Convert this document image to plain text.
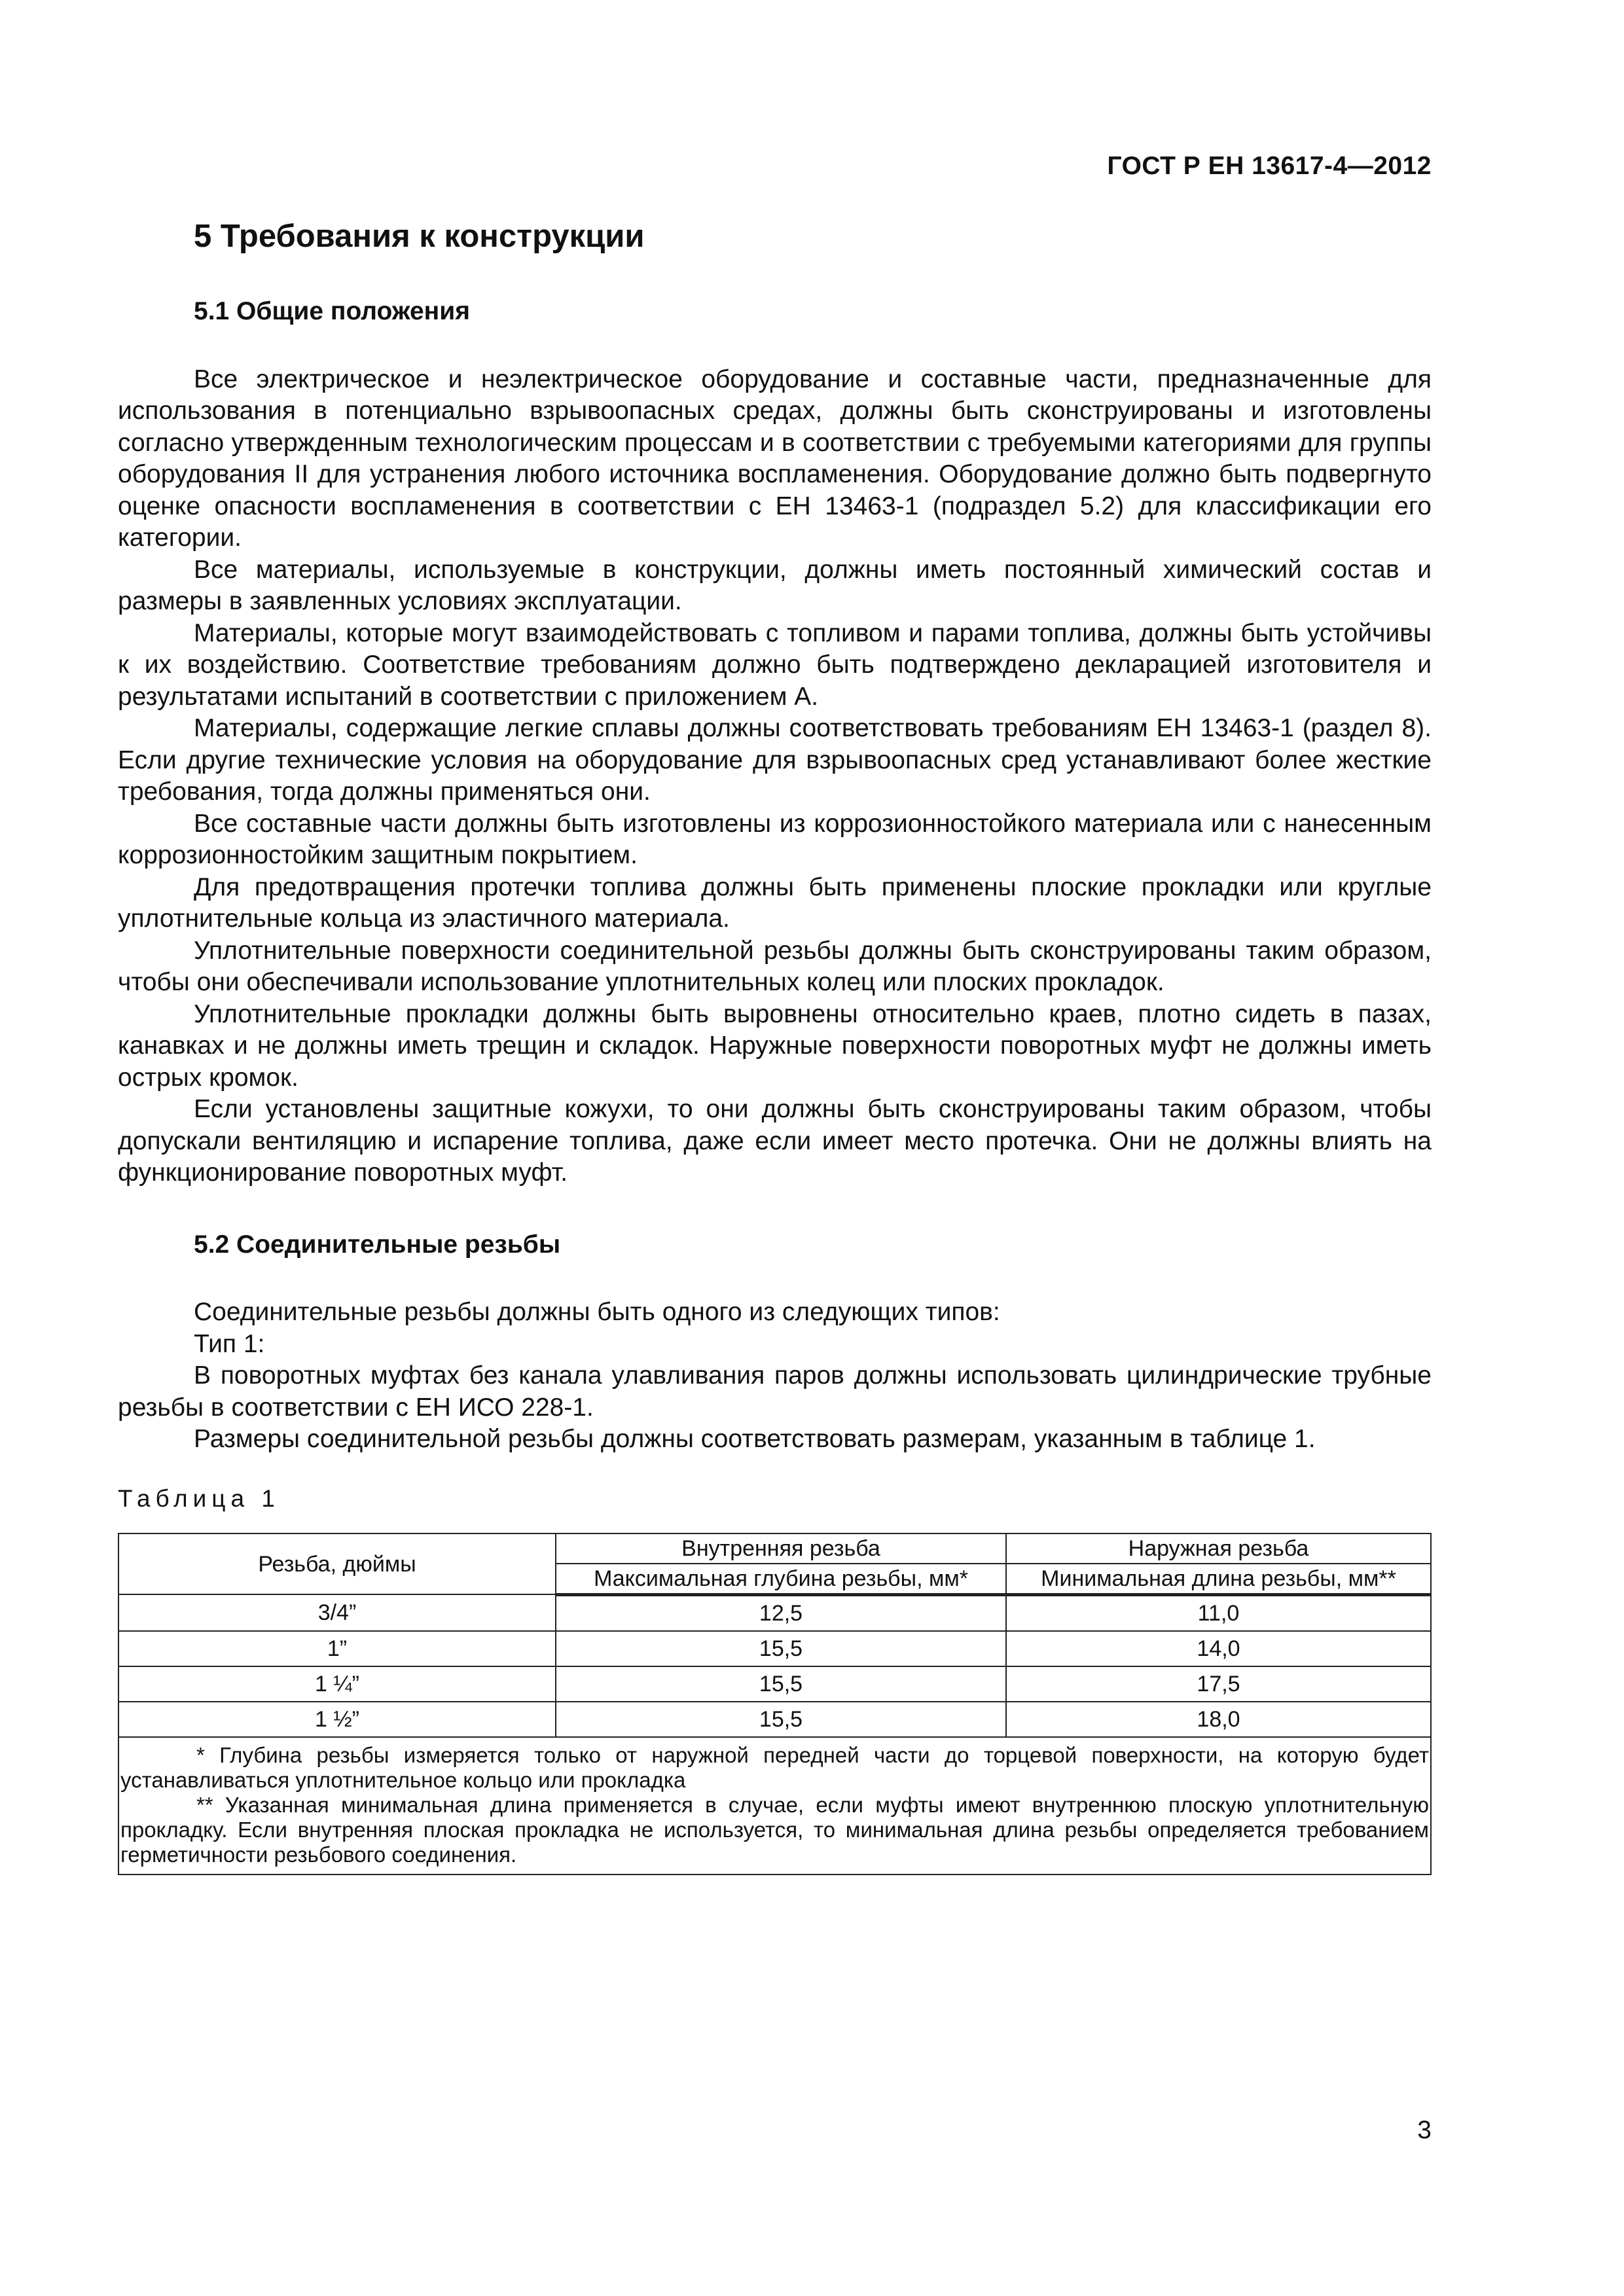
ГОСТ Р ЕН 13617-4—2012
5 Требования к конструкции
5.1 Общие положения

Все электрическое и неэлектрическое оборудование и составные части, предназначенные для использования в потенциально взрывоопасных средах, должны быть сконструированы и изготовлены согласно утвержденным технологическим процессам и в соответствии с требуемыми категориями для группы оборудования II для устранения любого источника воспламенения. Оборудование должно быть подвергнуто оценке опасности воспламенения в соответствии с ЕН 13463-1 (подраздел 5.2) для классификации его категории.

Все материалы, используемые в конструкции, должны иметь постоянный химический состав и размеры в заявленных условиях эксплуатации.

Материалы, которые могут взаимодействовать с топливом и парами топлива, должны быть устойчивы к их воздействию. Соответствие требованиям должно быть подтверждено декларацией изготовителя и результатами испытаний в соответствии с приложением А.

Материалы, содержащие легкие сплавы должны соответствовать требованиям ЕН 13463-1 (раздел 8). Если другие технические условия на оборудование для взрывоопасных сред устанавливают более жесткие требования, тогда должны применяться они.

Все составные части должны быть изготовлены из коррозионностойкого материала или с нанесенным коррозионностойким защитным покрытием.

Для предотвращения протечки топлива должны быть применены плоские прокладки или круглые уплотнительные кольца из эластичного материала.

Уплотнительные поверхности соединительной резьбы должны быть сконструированы таким образом, чтобы они обеспечивали использование уплотнительных колец или плоских прокладок.

Уплотнительные прокладки должны быть выровнены относительно краев, плотно сидеть в пазах, канавках и не должны иметь трещин и складок. Наружные поверхности поворотных муфт не должны иметь острых кромок.

Если установлены защитные кожухи, то они должны быть сконструированы таким образом, чтобы допускали вентиляцию и испарение топлива, даже если имеет место протечка. Они не должны влиять на функционирование поворотных муфт.

5.2 Соединительные резьбы

Соединительные резьбы должны быть одного из следующих типов:

Тип 1:

В поворотных муфтах без канала улавливания паров должны использовать цилиндрические трубные резьбы в соответствии с ЕН ИСО 228-1.

Размеры соединительной резьбы должны соответствовать размерам, указанным в таблице 1.

Таблица 1
Резьба, дюймы	Внутренняя резьба	Наружная резьба
	Максимальная глубина резьбы, мм*	Минимальная длина резьбы, мм**
3/4”	12,5	11,0
1”	15,5	14,0
1 ¼”	15,5	17,5
1 ½”	15,5	18,0

* Глубина резьбы измеряется только от наружной передней части до торцевой поверхности, на которую будет устанавливаться уплотнительное кольцо или прокладка

** Указанная минимальная длина применяется в случае, если муфты имеют внутреннюю плоскую уплотнительную прокладку. Если внутренняя плоская прокладка не используется, то минимальная длина резьбы определяется требованием герметичности резьбового соединения.		

3
